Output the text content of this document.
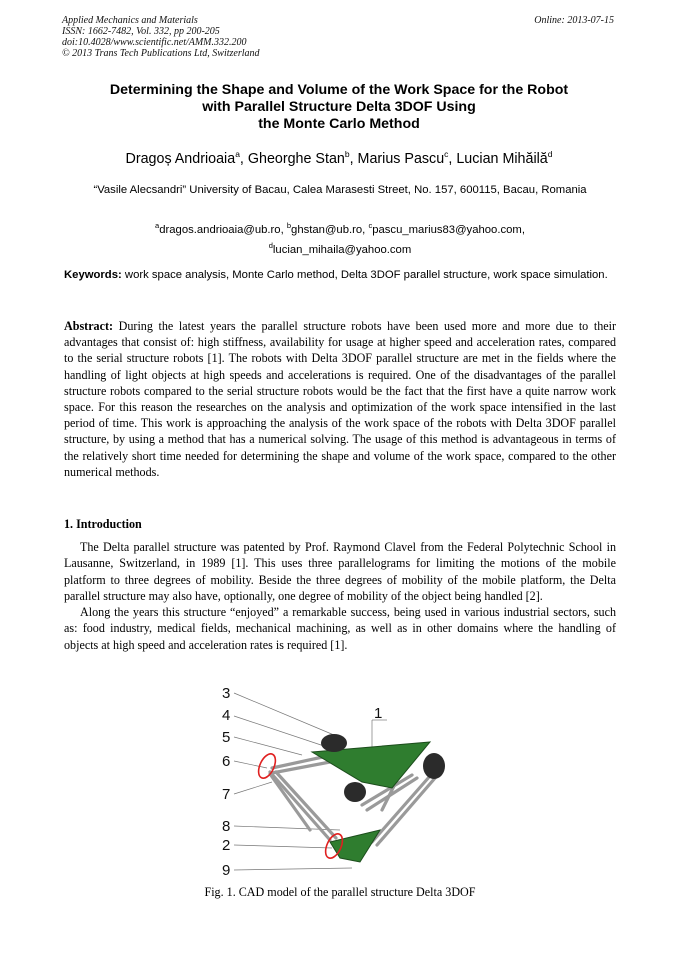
Applied Mechanics and Materials
ISSN: 1662-7482, Vol. 332, pp 200-205
doi:10.4028/www.scientific.net/AMM.332.200
© 2013 Trans Tech Publications Ltd, Switzerland
Online: 2013-07-15
Determining the Shape and Volume of the Work Space for the Robot
with Parallel Structure Delta 3DOF Using
the Monte Carlo Method
Dragoș Andrioaia$^a$, Gheorghe Stan$^b$, Marius Pascu$^c$, Lucian Mihăilă$^d$
“Vasile Alecsandri” University of Bacau, Calea Marasesti Street, No. 157, 600115, Bacau, Romania
$^a$dragos.andrioaia@ub.ro, $^b$ghstan@ub.ro, $^c$pascu_marius83@yahoo.com,
$^d$lucian_mihaila@yahoo.com
Keywords: work space analysis, Monte Carlo method, Delta 3DOF parallel structure, work space simulation.
Abstract: During the latest years the parallel structure robots have been used more and more due to their advantages that consist of: high stiffness, availability for usage at higher speed and acceleration rates, compared to the serial structure robots [1]. The robots with Delta 3DOF parallel structure are met in the fields where the handling of light objects at high speeds and accelerations is required. One of the disadvantages of the parallel structure robots compared to the serial structure robots would be the fact that the first have a quite narrow work space. For this reason the researches on the analysis and optimization of the work space intensified in the last period of time. This work is approaching the analysis of the work space of the robots with Delta 3DOF parallel structure, by using a method that has a numerical solving. The usage of this method is advantageous in terms of the relatively short time needed for determining the shape and volume of the work space, compared to the other numerical methods.
1. Introduction

The Delta parallel structure was patented by Prof. Raymond Clavel from the Federal Polytechnic School in Lausanne, Switzerland, in 1989 [1]. This uses three parallelograms for limiting the motions of the mobile platform to three degrees of mobility. Beside the three degrees of mobility of the mobile platform, the Delta parallel structure may also have, optionally, one degree of mobility of the object being handled [2].

Along the years this structure “enjoyed” a remarkable success, being used in various industrial sectors, such as: food industry, medical fields, mechanical machining, as well as in other domains where the handling of objects at high speed and acceleration rates is required [1].

3
4
5
6
7
8
2
9
1
Fig. 1. CAD model of the parallel structure Delta 3DOF
